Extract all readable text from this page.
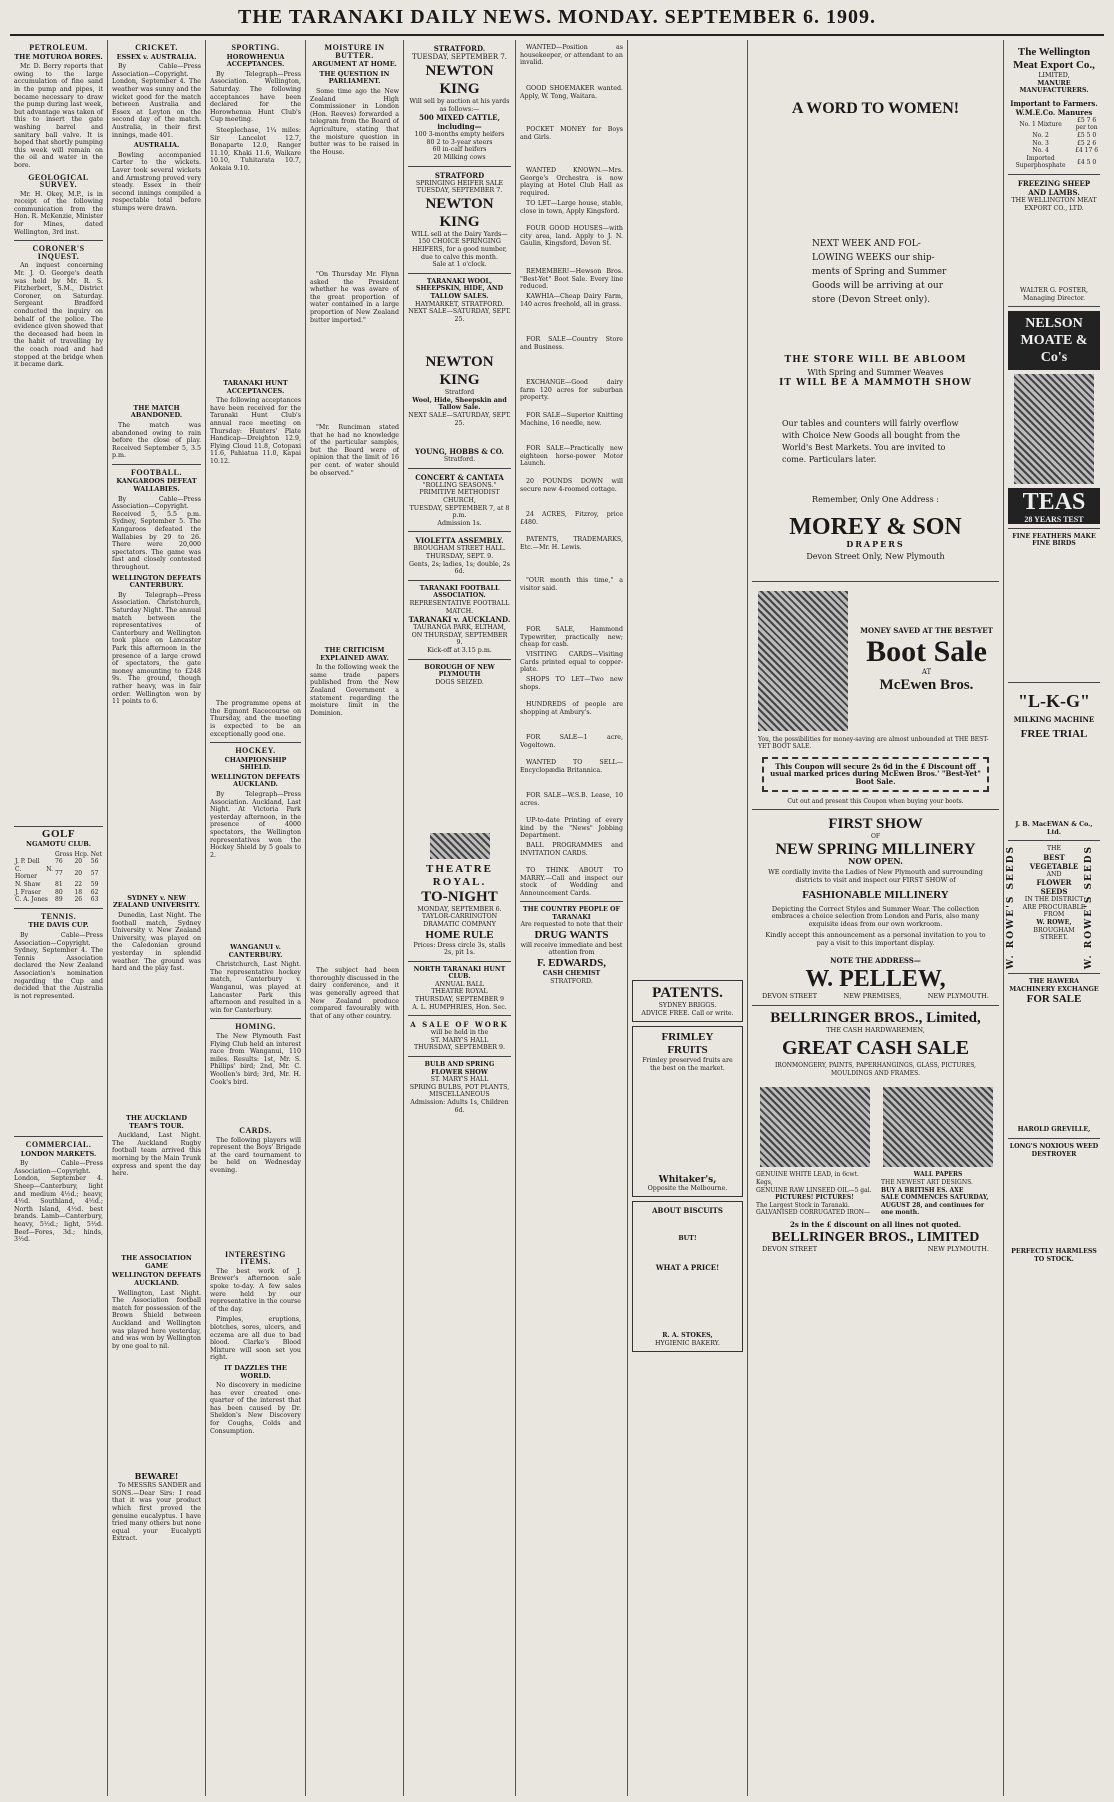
THE TARANAKI DAILY NEWS. MONDAY. SEPTEMBER 6. 1909.
PETROLEUM.
THE MOTUROA BORES.
Mr. D. Berry reports that owing to the large accumulation of fine sand in the pump and pipes, it became necessary to draw the pump during last week, but advantage was taken of this to insert the gate washing barrel and sanitary ball valve. It is hoped that shortly pumping this week will remain on the oil and water in the bore.
GEOLOGICAL SURVEY.
Mr. H. Okey, M.P., is in receipt of the following communication from the Hon. R. McKenzie, Minister for Mines, dated Wellington, 3rd inst.
CORONER'S INQUEST.
An inquest concerning Mr. J. O. George's death was held by Mr. R. S. Fitzherbert, S.M., District Coroner, on Saturday. Sergeant Bradford conducted the inquiry on behalf of the police. The evidence given showed that the deceased had been in the habit of travelling by the coach road and had stopped at the bridge when it became dark.
GOLF
NGAMOTU CLUB.
	Gross	Hcp.	Net
J. P. Dell	76	20	56
C. N. Horner	77	20	57
N. Shaw	81	22	59
J. Fraser	80	18	62
C. A. Jones	89	26	63
TENNIS.
THE DAVIS CUP.
By Cable—Press Association—Copyright. Sydney, September 4. The Tennis Association declared the New Zealand Association's nomination regarding the Cup and decided that the Australia is not represented.
COMMERCIAL.
LONDON MARKETS.
By Cable—Press Association—Copyright. London, September 4. Sheep—Canterbury, light and medium 4½d.; heavy, 4½d. Southland, 4½d.; North Island, 4½d. best brands. Lamb—Canterbury, heavy, 5½d.; light, 5½d. Beef—Fores, 3d.; hinds, 3½d.
CRICKET.
ESSEX v. AUSTRALIA.
By Cable—Press Association—Copyright. London, September 4. The weather was sunny and the wicket good for the match between Australia and Essex at Leyton on the second day of the match. Australia, in their first innings, made 401.
AUSTRALIA.
Bowling accompanied Carter to the wickets. Laver took several wickets and Armstrong proved very steady. Essex in their second innings compiled a respectable total before stumps were drawn.
THE MATCH ABANDONED.
The match was abandoned owing to rain before the close of play. Received September 5, 3.5 p.m.
FOOTBALL.
KANGAROOS DEFEAT WALLABIES.
By Cable—Press Association—Copyright. Received 5, 5.5 p.m. Sydney, September 5. The Kangaroos defeated the Wallabies by 29 to 26. There were 20,000 spectators. The game was fast and closely contested throughout.
WELLINGTON DEFEATS CANTERBURY.
By Telegraph—Press Association. Christchurch, Saturday Night. The annual match between the representatives of Canterbury and Wellington took place on Lancaster Park this afternoon in the presence of a large crowd of spectators, the gate money amounting to £248 9s. The ground, though rather heavy, was in fair order. Wellington won by 11 points to 6.
SYDNEY v. NEW ZEALAND UNIVERSITY.
Dunedin, Last Night. The football match, Sydney University v. New Zealand University, was played on the Caledonian ground yesterday in splendid weather. The ground was hard and the play fast.
THE AUCKLAND TEAM'S TOUR.
Auckland, Last Night. The Auckland Rugby football team arrived this morning by the Main Trunk express and spent the day here.
THE ASSOCIATION GAME
WELLINGTON DEFEATS AUCKLAND.
Wellington, Last Night. The Association football match for possession of the Brown Shield between Auckland and Wellington was played here yesterday, and was won by Wellington by one goal to nil.
BEWARE!
To MESSRS SANDER and SONS.—Dear Sirs: I read that it was your product which first proved the genuine eucalyptus. I have tried many others but none equal your Eucalypti Extract.
SPORTING.
HOROWHENUA ACCEPTANCES.
By Telegraph—Press Association. Wellington, Saturday. The following acceptances have been declared for the Horowhenua Hunt Club's Cup meeting.
Steeplechase, 1¼ miles: Sir Lancelot 12.7, Bonaparte 12.0, Ranger 11.10, Khaki 11.6, Waikare 10.10, Tuhitarata 10.7, Aokaia 9.10.
TARANAKI HUNT ACCEPTANCES.
The following acceptances have been received for the Taranaki Hunt Club's annual race meeting on Thursday: Hunters' Plate Handicap—Dreighton 12.9, Flying Cloud 11.8, Cotopaxi 11.6, Pahiatua 11.0, Kapai 10.12.
The programme opens at the Egmont Racecourse on Thursday, and the meeting is expected to be an exceptionally good one.
HOCKEY.
CHAMPIONSHIP SHIELD.
WELLINGTON DEFEATS AUCKLAND.
By Telegraph—Press Association. Auckland, Last Night. At Victoria Park yesterday afternoon, in the presence of 4000 spectators, the Wellington representatives won the Hockey Shield by 5 goals to 2.
WANGANUI v. CANTERBURY.
Christchurch, Last Night. The representative hockey match, Canterbury v. Wanganui, was played at Lancaster Park this afternoon and resulted in a win for Canterbury.
HOMING.
The New Plymouth Fast Flying Club held an interest race from Wanganui, 110 miles. Results: 1st, Mr. S. Phillips' bird; 2nd, Mr. C. Woollen's bird; 3rd, Mr. H. Cook's bird.
CARDS.
The following players will represent the Boys' Brigade at the card tournament to be held on Wednesday evening.
INTERESTING ITEMS.
The best work of J. Brewer's afternoon sale spoke to-day. A few sales were held by our representative in the course of the day.
Pimples, eruptions, blotches, sores, ulcers, and eczema are all due to bad blood. Clarke's Blood Mixture will soon set you right.
IT DAZZLES THE WORLD.
No discovery in medicine has ever created one-quarter of the interest that has been caused by Dr. Sheldon's New Discovery for Coughs, Colds and Consumption.
MOISTURE IN BUTTER.
ARGUMENT AT HOME.
THE QUESTION IN PARLIAMENT.
Some time ago the New Zealand High Commissioner in London (Hon. Reeves) forwarded a telegram from the Board of Agriculture, stating that the moisture question in butter was to be raised in the House.
"On Thursday Mr. Flynn asked the President whether he was aware of the great proportion of water contained in a large proportion of New Zealand butter imported."
"Mr. Runciman stated that he had no knowledge of the particular samples, but the Board were of opinion that the limit of 16 per cent. of water should be observed."
THE CRITICISM EXPLAINED AWAY.
In the following week the same trade papers published from the New Zealand Government a statement regarding the moisture limit in the Dominion.
The subject had been thoroughly discussed in the dairy conference, and it was generally agreed that New Zealand produce compared favourably with that of any other country.
STRATFORD.
TUESDAY, SEPTEMBER 7.
NEWTON KING
Will sell by auction at his yards as follows:—
500 MIXED CATTLE, including—
100 3-months empty heifers
80 2 to 3-year steers
60 in-calf heifers
20 Milking cows
STRATFORD
SPRINGING HEIFER SALE
TUESDAY, SEPTEMBER 7.
NEWTON KING
WILL sell at the Dairy Yards—
150 CHOICE SPRINGING HEIFERS, for a good number, due to calve this month.
Sale at 1 o'clock.
TARANAKI WOOL, SHEEPSKIN, HIDE, AND TALLOW SALES.
HAYMARKET, STRATFORD.
NEXT SALE—SATURDAY, SEPT. 25.
NEWTON KING
Stratford
Wool, Hide, Sheepskin and Tallow Sale.
NEXT SALE—SATURDAY, SEPT. 25.
YOUNG, HOBBS & CO.
Stratford.
CONCERT & CANTATA
"ROLLING SEASONS."
PRIMITIVE METHODIST CHURCH,
TUESDAY, SEPTEMBER 7, at 8 p.m.
Admission 1s.
VIOLETTA ASSEMBLY.
BROUGHAM STREET HALL.
THURSDAY, SEPT. 9.
Gents, 2s; ladies, 1s; double, 2s 6d.
TARANAKI FOOTBALL ASSOCIATION.
REPRESENTATIVE FOOTBALL MATCH.
TARANAKI v. AUCKLAND.
TAURANGA PARK, ELTHAM, ON THURSDAY, SEPTEMBER 9.
Kick-off at 3.15 p.m.
BOROUGH OF NEW PLYMOUTH
DOGS SEIZED.
THEATRE ROYAL.
TO-NIGHT
MONDAY, SEPTEMBER 6.
TAYLOR-CARRINGTON DRAMATIC COMPANY
HOME RULE
Prices: Dress circle 3s, stalls 2s, pit 1s.
NORTH TARANAKI HUNT CLUB.
ANNUAL BALL
THEATRE ROYAL
THURSDAY, SEPTEMBER 9
A. L. HUMPHRIES, Hon. Sec.
A SALE OF WORK
will be held in the
ST. MARY'S HALL
THURSDAY, SEPTEMBER 9.
BULB AND SPRING FLOWER SHOW
ST. MARY'S HALL
SPRING BULBS, POT PLANTS, MISCELLANEOUS
Admission: Adults 1s, Children 6d.
WANTED—Position as housekeeper, or attendant to an invalid.
GOOD SHOEMAKER wanted. Apply, W. Tong, Waitara.
POCKET MONEY for Boys and Girls.
WANTED KNOWN.—Mrs. George's Orchestra is now playing at Hotel Club Hall as required.
TO LET—Large house, stable, close in town, Apply Kingsford.
FOUR GOOD HOUSES—with city area, land. Apply to J. N. Gaulin, Kingsford, Devon St.
REMEMBER!—Hewson Bros. "Best-Yet" Boot Sale. Every line reduced.
KAWHIA—Cheap Dairy Farm, 140 acres freehold, all in grass.
FOR SALE—Country Store and Business.
EXCHANGE—Good dairy farm 120 acres for suburban property.
FOR SALE—Superior Knitting Machine, 16 needle, new.
FOR SALE—Practically new eighteen horse-power Motor Launch.
20 POUNDS DOWN will secure new 4-roomed cottage.
24 ACRES, Fitzroy, price £480.
PATENTS, TRADEMARKS, Etc.—Mr. H. Lewis.
"OUR month this time," a visitor said.
FOR SALE, Hammond Typewriter, practically new; cheap for cash.
VISITING CARDS—Visiting Cards printed equal to copper-plate.
SHOPS TO LET—Two new shops.
HUNDREDS of people are shopping at Ambury's.
FOR SALE—1 acre, Vogeltown.
WANTED TO SELL—Encyclopædia Britannica.
FOR SALE—W.S.B. Lease, 10 acres.
UP-to-date Printing of every kind by the "News" Jobbing Department.
BALL PROGRAMMES and INVITATION CARDS.
TO THINK ABOUT TO MARRY.—Call and inspect our stock of Wedding and Announcement Cards.
THE COUNTRY PEOPLE OF TARANAKI
Are requested to note that their
DRUG WANTS
will receive immediate and best attention from
F. EDWARDS,
CASH CHEMIST
STRATFORD.
PATENTS.
SYDNEY BRIGGS.
ADVICE FREE. Call or write.
FRIMLEY
FRUITS
Frimley preserved fruits are the best on the market.
Whitaker's,
Opposite the Melbourne.
ABOUT BISCUITS
BUT!
WHAT A PRICE!
R. A. STOKES,
HYGIENIC BAKERY.
A WORD TO WOMEN!
NEXT WEEK AND FOL-
LOWING WEEKS our ship-
ments of Spring and Summer
Goods will be arriving at our
store (Devon Street only).
THE STORE WILL BE ABLOOM
With Spring and Summer Weaves
IT WILL BE A MAMMOTH SHOW
Our tables and counters will fairly overflow with Choice New Goods all bought from the World's Best Markets. You are invited to come. Particulars later.
Remember, Only One Address :
MOREY & SON
DRAPERS
Devon Street Only, New Plymouth
MONEY SAVED AT THE BEST-YET
Boot Sale
AT
McEwen Bros.
You, the possibilities for money-saving are almost unbounded at THE BEST-YET BOOT SALE.
This Coupon will secure 2s 6d in the £ Discount off usual marked prices during McEwen Bros.' "Best-Yet" Boot Sale.
Cut out and present this Coupon when buying your boots.
FIRST SHOW
OF
NEW SPRING MILLINERY
NOW OPEN.
WE cordially invite the Ladies of New Plymouth and surrounding districts to visit and inspect our FIRST SHOW of
FASHIONABLE MILLINERY
Depicting the Correct Styles and Summer Wear. The collection embraces a choice selection from London and Paris, also many exquisite ideas from our own workroom.
Kindly accept this announcement as a personal invitation to you to pay a visit to this important display.
NOTE THE ADDRESS—
W. PELLEW,
DEVON STREET	NEW PREMISES,	NEW PLYMOUTH.
BELLRINGER BROS., Limited,
THE CASH HARDWAREMEN,
GREAT CASH SALE
IRONMONGERY, PAINTS, PAPERHANGINGS, GLASS, PICTURES, MOULDINGS AND FRAMES.
GENUINE WHITE LEAD, in 6cwt. Kegs,
GENUINE RAW LINSEED OIL—5 gal.
PICTURES! PICTURES!
The Largest Stock in Taranaki.
GALVANISED CORRUGATED IRON—
WALL PAPERS
THE NEWEST ART DESIGNS.
BUY A BRITISH ES. AXE
SALE COMMENCES SATURDAY, AUGUST 28, and continues for one month.
2s in the £ discount on all lines not quoted.
BELLRINGER BROS., LIMITED
DEVON STREET	NEW PLYMOUTH.
The Wellington Meat Export Co.,
LIMITED,
MANURE MANUFACTURERS.
Important to Farmers.
W.M.E.Co. Manures
No. 1 Mixture	£5 7 6 per ton
No. 2	£5 5 0
No. 3	£5 2 6
No. 4	£4 17 6
Imported Superphosphate	£4 5 0
FREEZING SHEEP AND LAMBS.
THE WELLINGTON MEAT EXPORT CO., LTD.
WALTER G. FOSTER, Managing Director.
NELSON MOATE & Co's
TEAS
28 YEARS TEST
FINE FEATHERS MAKE FINE BIRDS
"L-K-G"
MILKING MACHINE
FREE TRIAL
J. B. MacEWAN & Co., Ltd.
W. ROWE'S SEEDS	THE
BEST
VEGETABLE
AND
FLOWER
SEEDS
IN THE DISTRICT
ARE PROCURABLE FROM
W. ROWE,
BROUGHAM STREET.	W. ROWE'S SEEDS
THE HAWERA MACHINERY EXCHANGE
FOR SALE
HAROLD GREVILLE,
LONG'S NOXIOUS WEED DESTROYER
PERFECTLY HARMLESS TO STOCK.
